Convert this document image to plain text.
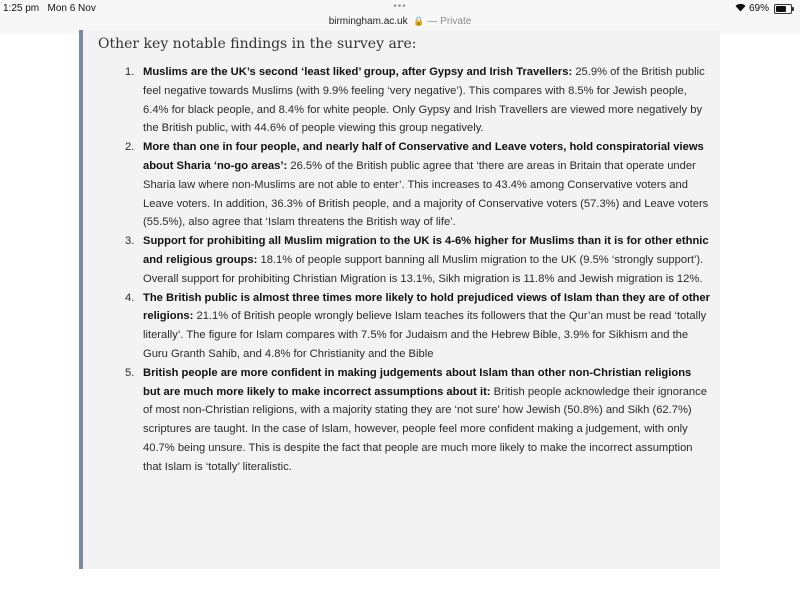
1:25 pm Mon 6 Nov	•••
birmingham.ac.uk 🔒 — Private
69%
Other key notable findings in the survey are:
1. Muslims are the UK’s second ‘least liked’ group, after Gypsy and Irish Travellers: 25.9% of the British public feel negative towards Muslims (with 9.9% feeling ‘very negative’). This compares with 8.5% for Jewish people, 6.4% for black people, and 8.4% for white people. Only Gypsy and Irish Travellers are viewed more negatively by the British public, with 44.6% of people viewing this group negatively.
2. More than one in four people, and nearly half of Conservative and Leave voters, hold conspiratorial views about Sharia ‘no-go areas’: 26.5% of the British public agree that ‘there are areas in Britain that operate under Sharia law where non-Muslims are not able to enter’. This increases to 43.4% among Conservative voters and Leave voters. In addition, 36.3% of British people, and a majority of Conservative voters (57.3%) and Leave voters (55.5%), also agree that ‘Islam threatens the British way of life’.
3. Support for prohibiting all Muslim migration to the UK is 4-6% higher for Muslims than it is for other ethnic and religious groups: 18.1% of people support banning all Muslim migration to the UK (9.5% ‘strongly support’). Overall support for prohibiting Christian Migration is 13.1%, Sikh migration is 11.8% and Jewish migration is 12%.
4. The British public is almost three times more likely to hold prejudiced views of Islam than they are of other religions: 21.1% of British people wrongly believe Islam teaches its followers that the Qur’an must be read ‘totally literally’. The figure for Islam compares with 7.5% for Judaism and the Hebrew Bible, 3.9% for Sikhism and the Guru Granth Sahib, and 4.8% for Christianity and the Bible
5. British people are more confident in making judgements about Islam than other non-Christian religions but are much more likely to make incorrect assumptions about it: British people acknowledge their ignorance of most non-Christian religions, with a majority stating they are ‘not sure’ how Jewish (50.8%) and Sikh (62.7%) scriptures are taught. In the case of Islam, however, people feel more confident making a judgement, with only 40.7% being unsure. This is despite the fact that people are much more likely to make the incorrect assumption that Islam is ‘totally’ literalistic.
